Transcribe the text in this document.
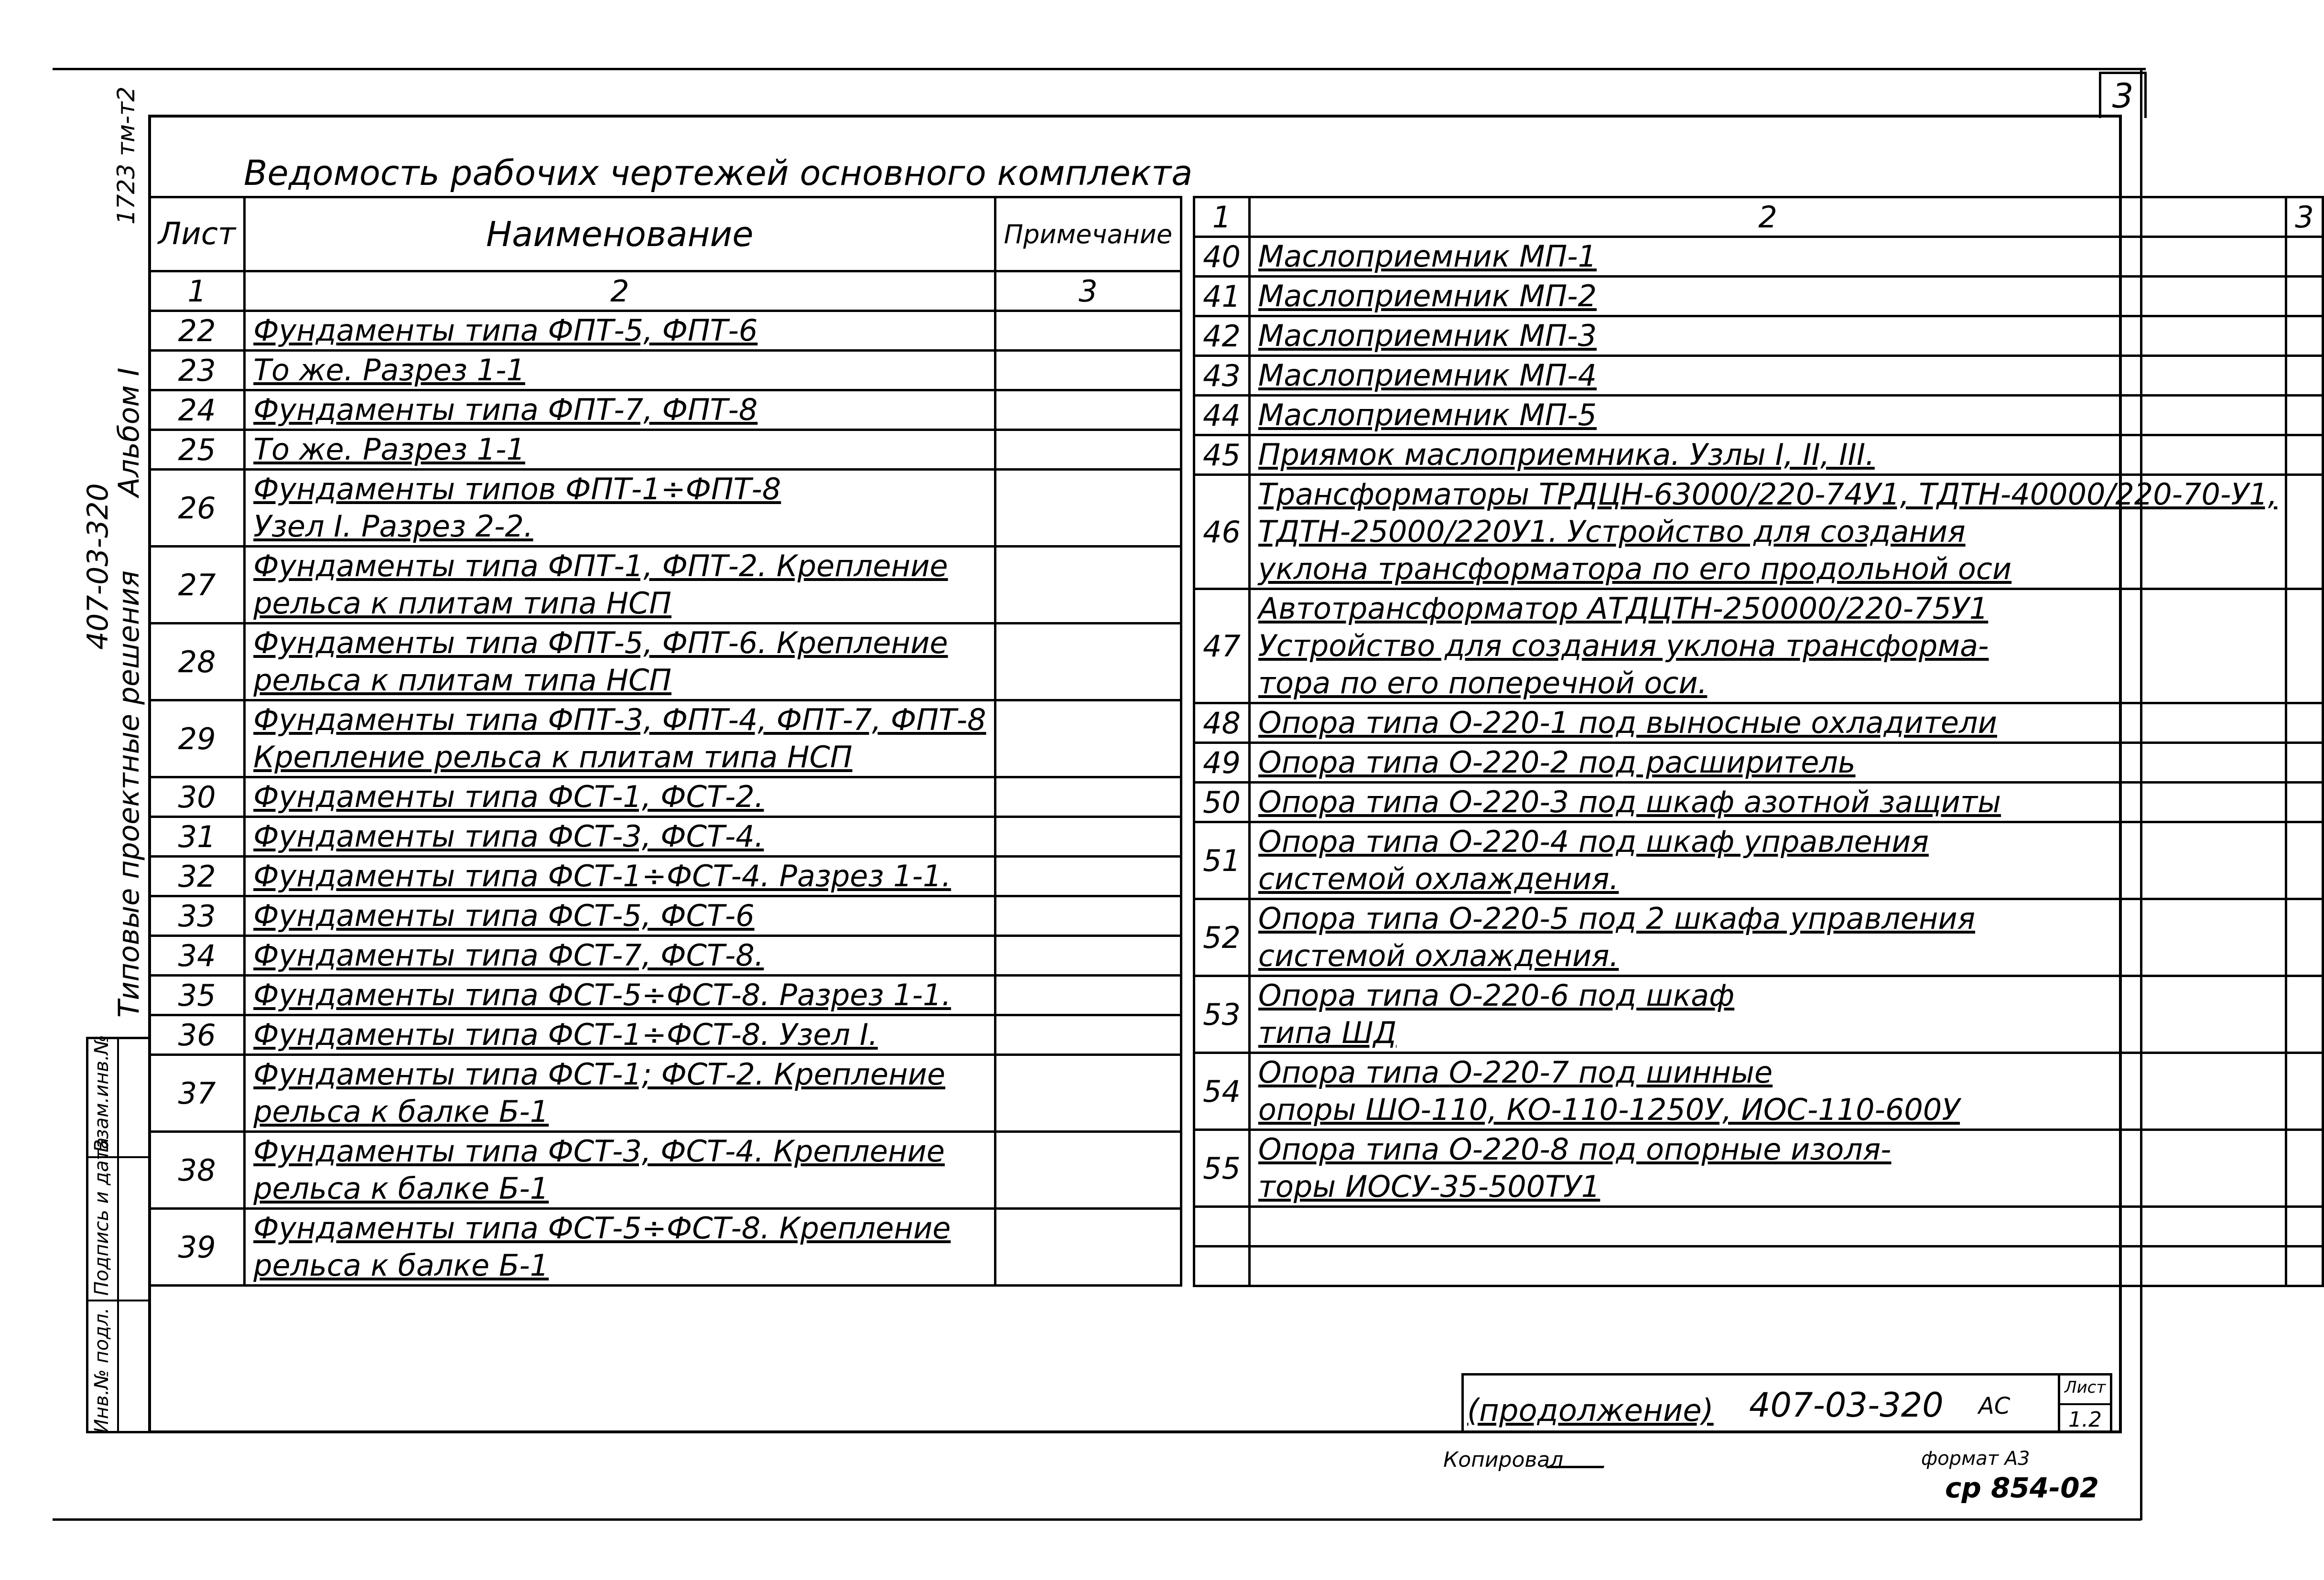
3
Ведомость рабочих чертежей основного комплекта
Лист	Наименование	Примечание
1	2	3
22	Фундаменты типа ФПТ-5, ФПТ-6	

23	То же. Разрез 1-1	

24	Фундаменты типа ФПТ-7, ФПТ-8	

25	То же. Разрез 1-1	

26	Фундаменты типов ФПТ-1÷ФПТ-8
Узел I. Разрез 2-2.	

27	Фундаменты типа ФПТ-1, ФПТ-2. Крепление
рельса к плитам типа НСП	

28	Фундаменты типа ФПТ-5, ФПТ-6. Крепление
рельса к плитам типа НСП	

29	Фундаменты типа ФПТ-3, ФПТ-4, ФПТ-7, ФПТ-8
Крепление рельса к плитам типа НСП	

30	Фундаменты типа ФСТ-1, ФСТ-2.	

31	Фундаменты типа ФСТ-3, ФСТ-4.	

32	Фундаменты типа ФСТ-1÷ФСТ-4. Разрез 1-1.	

33	Фундаменты типа ФСТ-5, ФСТ-6	

34	Фундаменты типа ФСТ-7, ФСТ-8.	

35	Фундаменты типа ФСТ-5÷ФСТ-8. Разрез 1-1.	

36	Фундаменты типа ФСТ-1÷ФСТ-8. Узел I.	

37	Фундаменты типа ФСТ-1; ФСТ-2. Крепление
рельса к балке Б-1	

38	Фундаменты типа ФСТ-3, ФСТ-4. Крепление
рельса к балке Б-1	

39	Фундаменты типа ФСТ-5÷ФСТ-8. Крепление
рельса к балке Б-1	

1	2	3
40	Маслоприемник МП-1	

41	Маслоприемник МП-2	

42	Маслоприемник МП-3	

43	Маслоприемник МП-4	

44	Маслоприемник МП-5	

45	Приямок маслоприемника. Узлы I, II, III.	

46	Трансформаторы ТРДЦН-63000/220-74У1, ТДТН-40000/220-70-У1,
ТДТН-25000/220У1. Устройство для создания
уклона трансформатора по его продольной оси	

47	Автотрансформатор АТДЦТН-250000/220-75У1
Устройство для создания уклона трансформа-
тора по его поперечной оси.	

48	Опора типа О-220-1 под выносные охладители	

49	Опора типа О-220-2 под расширитель	

50	Опора типа О-220-3 под шкаф азотной защиты	

51	Опора типа О-220-4 под шкаф управления
системой охлаждения.	

52	Опора типа О-220-5 под 2 шкафа управления
системой охлаждения.	

53	Опора типа О-220-6 под шкаф
типа ШД	

54	Опора типа О-220-7 под шинные
опоры ШО-110, КО-110-1250У, ИОС-110-600У	

55	Опора типа О-220-8 под опорные изоля-
торы ИОСУ-35-500ТУ1	

Инв.№ подл.
Подпись и дата
Взам.инв.№
1723 тм-т2
Альбом I
407-03-320
Типовые проектные решения
(продолжение) 407-03-320 АС
Лист
1.2
Копировал	формат А3
ср 854-02
